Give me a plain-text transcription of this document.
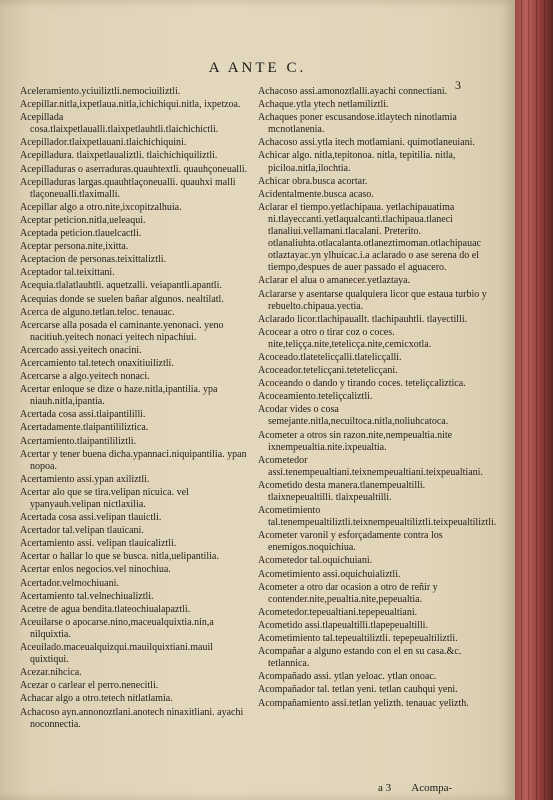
A ANTE C.
3
Aceleramiento.yciuiliztli.nemociuiliztli.
Acepillar.nitla,ixpetlaua.nitla,ichichiqui.nitla, ixpetzoa.
Acepillada cosa.tlaixpetlaualli.tlaixpetlauhtli.tlaichichictli.
Acepillador.tlaixpetlauani.tlaichichiquini.
Acepilladura. tlaixpetlaualiztli. tlaichichiquiliztli.
Acepilladuras o aserraduras.quauhtextli. quauhçoneualli.
Acepilladuras largas.quauhtlaçoneualli. quauhxi malli tlaçoneualli.tlaximalli.
Acepillar algo a otro.nite,ixcopitzalhuia.
Aceptar peticion.nitla,ueleaqui.
Aceptada peticion.tlauelcactli.
Aceptar persona.nite,ixitta.
Aceptacion de personas.teixittaliztli.
Aceptador tal.teixittani.
Acequia.tlalatlauhtli. aquetzalli. veiapantli.apantli.
Acequias donde se suelen bañar algunos. nealtilatl.
Acerca de alguno.tetlan.teloc. tenauac.
Acercarse alla posada el caminante.yenonaci. yeno nacitiuh.yeitech nonaci yeitech nipachiui.
Acercado assi.yeitech onacini.
Acercamiento tal.tetech onaxitiuiliztli.
Acercarse a algo.yeitech nonaci.
Acertar enloque se dize o haze.nitla,ipantilia. ypa niauh.nitla,ipantia.
Acertada cosa assi.tlaipantililli.
Acertadamente.tlaipantililiztica.
Acertamiento.tlaipantililiztli.
Acertar y tener buena dicha.ypannaci.niquipantilia. ypan nopoa.
Acertamiento assi.ypan axiliztli.
Acertar alo que se tira.velipan nicuica. vel ypanyauh.velipan nictlaxilia.
Acertada cosa assi.velipan tlauictli.
Acertador tal.velipan tlauicani.
Acertamiento assi. velipan tlauicaliztli.
Acertar o hallar lo que se busca. nitla,uelipantilia.
Acertar enlos negocios.vel ninochiua.
Acertador.velmochiuani.
Acertamiento tal.velnechiualiztli.
Acetre de agua bendita.tlateochiualapaztli.
Aceuilarse o apocarse.nino,maceualquixtia.nin,a nilquixtia.
Aceuilado.maceualquizqui.mauilquixtiani.mauil quixtiqui.
Acezar.nihcica.
Acezar o carlear el perro.nenecitli.
Achacar algo a otro.tetech nitlatlamia.
Achacoso ayn.annonoztlani.anotech ninaxitliani. ayachi noconnectia.
Achacoso assi.amonoztlalli.ayachi connectiani.
Achaque.ytla ytech netlamiliztli.
Achaques poner escusandose.itlaytech ninotlamia mcnotlanenia.
Achacoso assi.ytla itech motlamiani. quimotlaneuiani.
Achicar algo. nitla,tepitonoa. nitla, tepitilia. nitla, piciloa.nitla,ilochtia.
Achicar obra.busca acortar.
Acidentalmente.busca acaso.
Aclarar el tiempo.yetlachipaua. yetlachipauatima ni.tlayeccanti.yetlaqualcanti.tlachipaua.tlaneci tlanaliui.vellamani.tlacalani. Preterito. otlanaliuhta.otlacalanta.otlaneztimoman.otlachipauac otlaztayac.yn ylhuicac.i.a aclarado o ase serena do el tiempo,despues de auer passado el aguacero.
Aclarar el alua o amanecer.yetlaztaya.
Aclararse y asentarse qualquiera licor que estaua turbio y rebuelto.chipaua.yectia.
Aclarado licor.tlachipauallt. tlachipauhtli. tlayectilli.
Acocear a otro o tirar coz o coces. nite,teliçça.nite,tetelicça.nite,cemicxotla.
Acoceado.tlatetelicçalli.tlatelicçalli.
Acoceador.tetelicçani.tetetelicçani.
Acoceando o dando y tirando coces. teteliçcaliztica.
Acoceamiento.teteliçcaliztli.
Acodar vides o cosa semejante.nitla,necuiltoca.nitla,noliuhcatoca.
Acometer a otros sin razon.nite,nempeualtia.nite ixnempeualtia.nite.ixpeualtia.
Acometedor assi.tenempeualtiani.teixnempeualtiani.teixpeualtiani.
Acometido desta manera.tlanempeualtilli. tlaixnepeualtilli. tlaixpeualtilli.
Acometimiento tal.tenempeualtiliztli.teixnempeualtiliztli.teixpeualtiliztli.
Acometer varonil y esforçadamente contra los enemigos.noquichiua.
Acometedor tal.oquichuiani.
Acometimiento assi.oquichuializtli.
Acometer a otro dar ocasion a otro de reñir y contender.nite,peualtia.nite,pepeualtia.
Acometedor.tepeualtiani.tepepeualtiani.
Acometido assi.tlapeualtilli.tlapepeualtilli.
Acometimiento tal.tepeualtiliztli. tepepeualtiliztli.
Acompañar a alguno estando con el en su casa.&c. tetlannica.
Acompañado assi. ytlan yeloac. ytlan onoac.
Acompañador tal. tetlan yeni. tetlan cauhqui yeni.
Acompañamiento assi.tetlan yelizth. tenauac yelizth.
a 3 Acompa-
